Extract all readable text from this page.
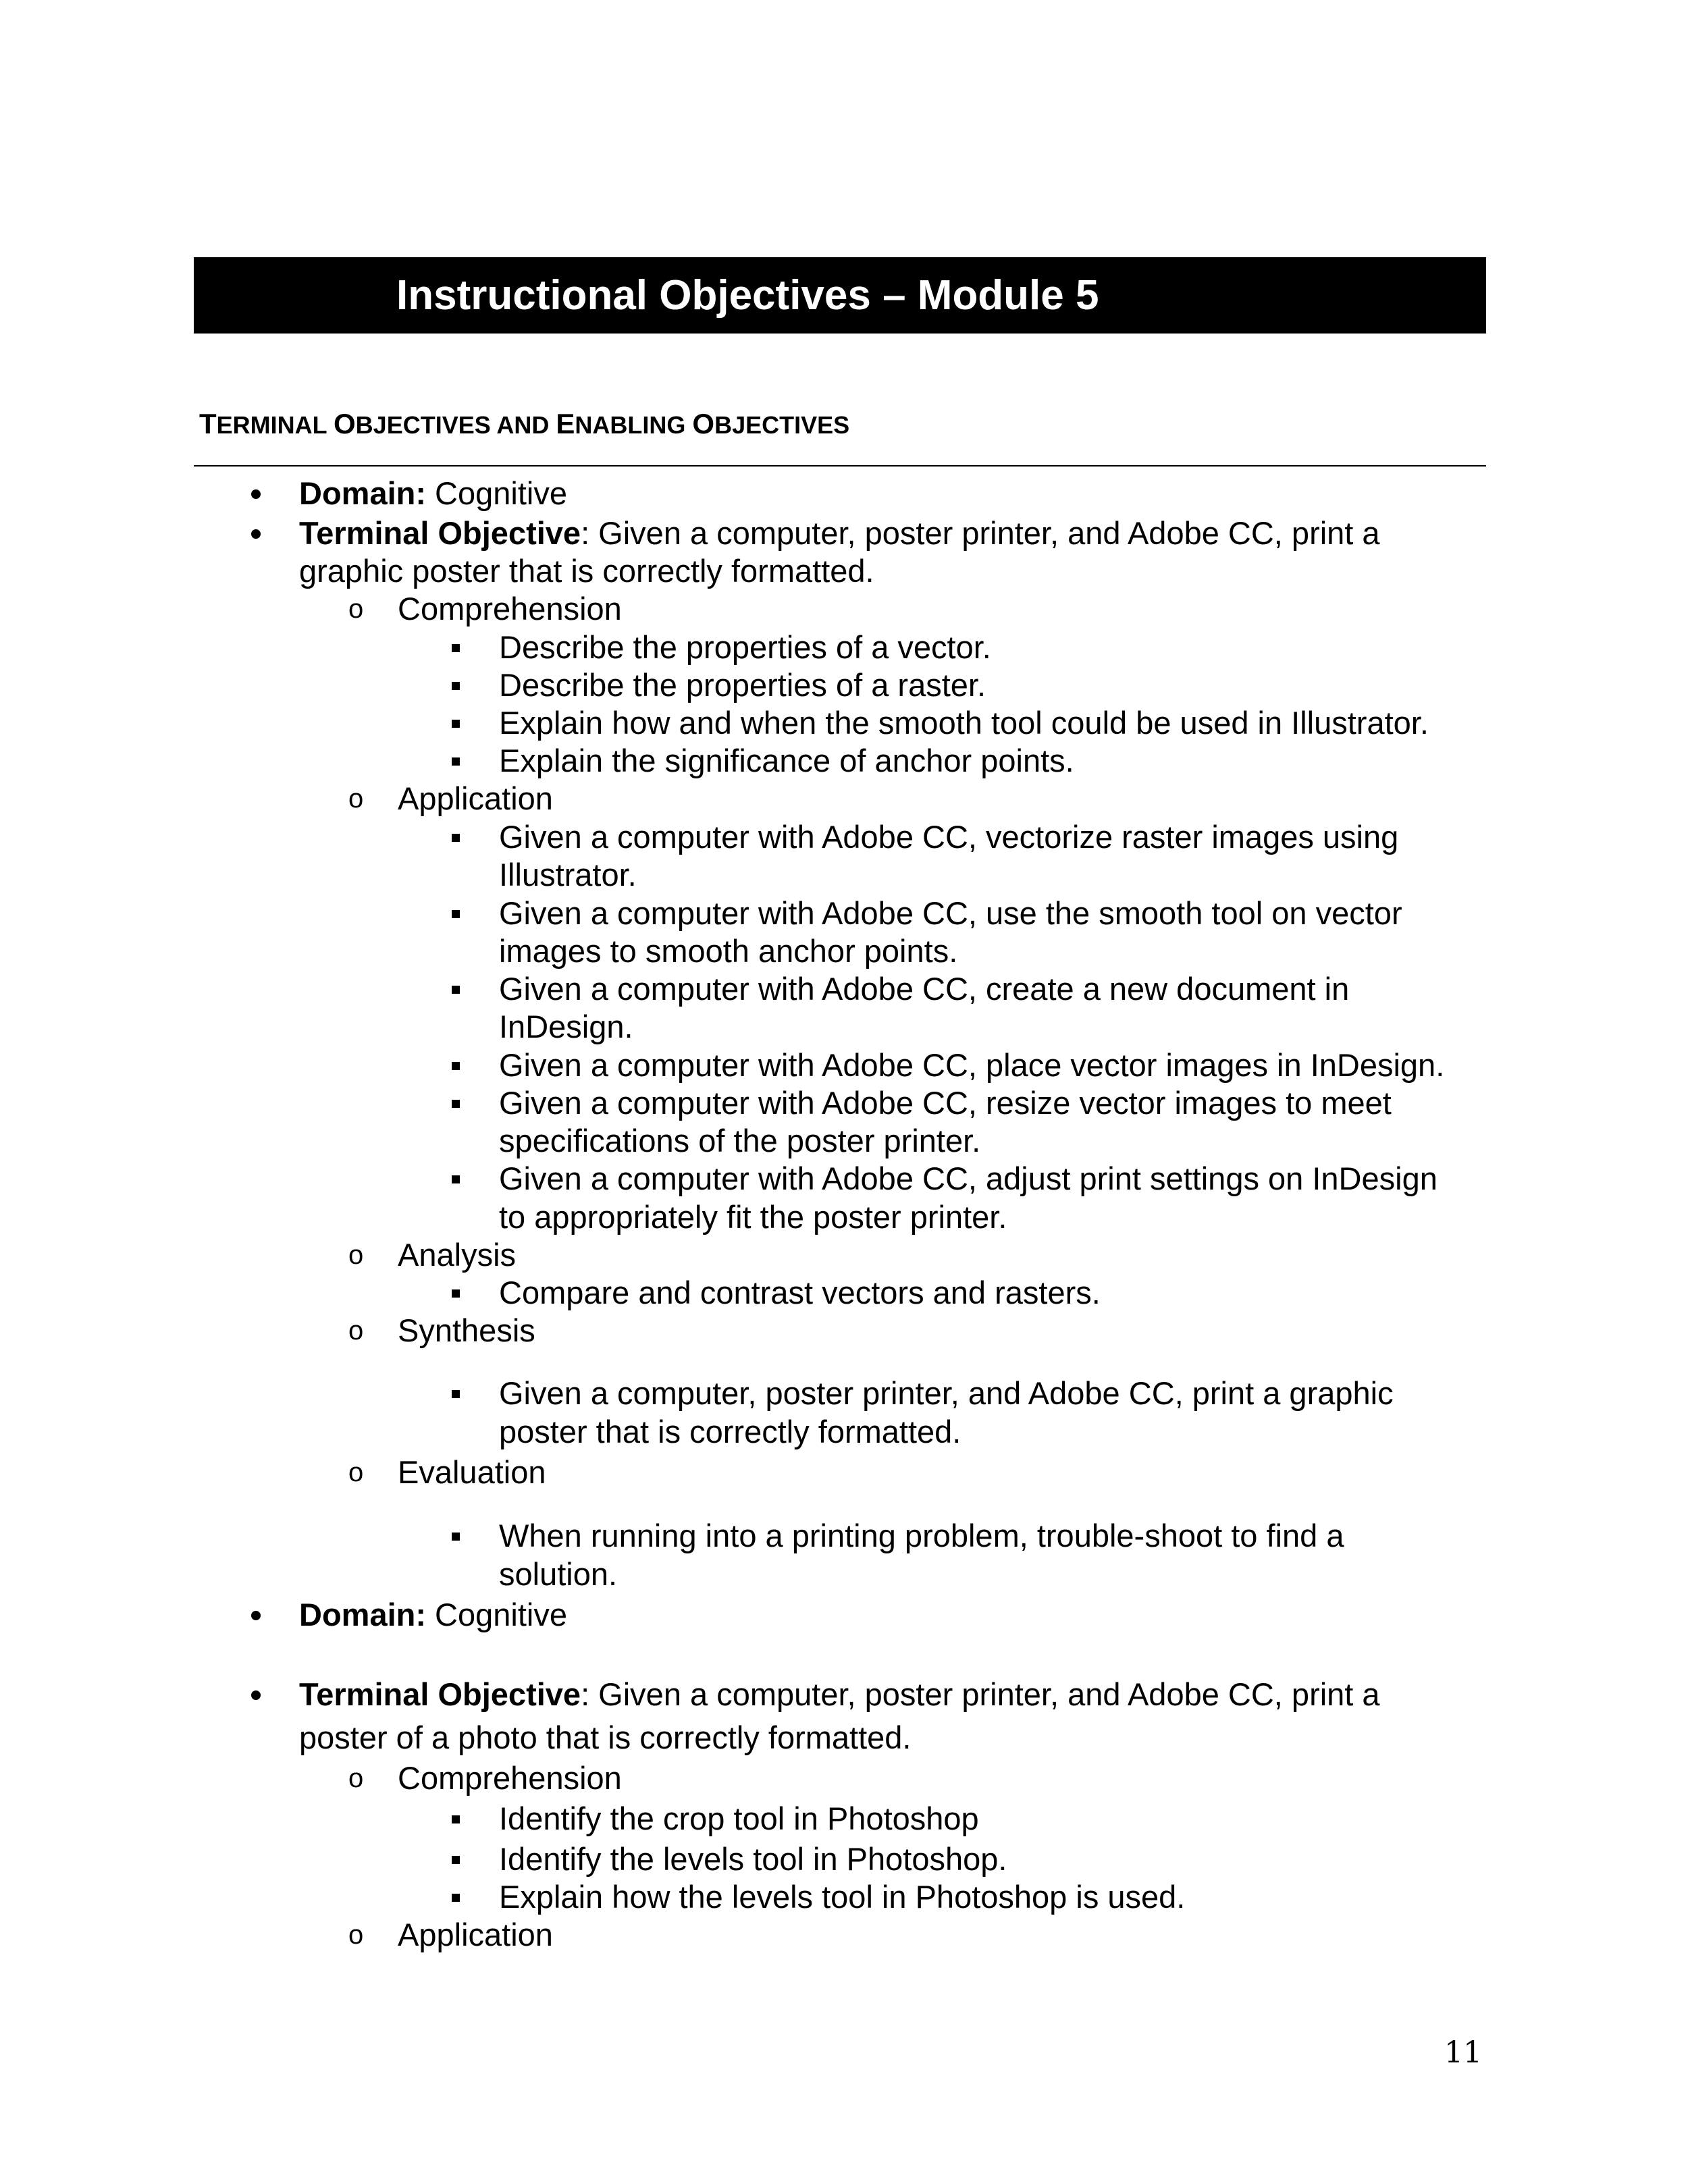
Instructional Objectives – Module 5
TERMINAL OBJECTIVES AND ENABLING OBJECTIVES
Domain: Cognitive
Terminal Objective: Given a computer, poster printer, and Adobe CC, print a
graphic poster that is correctly formatted.
o Comprehension
Describe the properties of a vector.
Describe the properties of a raster.
Explain how and when the smooth tool could be used in Illustrator.
Explain the significance of anchor points.
o Application
Given a computer with Adobe CC, vectorize raster images using
Illustrator.
Given a computer with Adobe CC, use the smooth tool on vector
images to smooth anchor points.
Given a computer with Adobe CC, create a new document in
InDesign.
Given a computer with Adobe CC, place vector images in InDesign.
Given a computer with Adobe CC, resize vector images to meet
specifications of the poster printer.
Given a computer with Adobe CC, adjust print settings on InDesign
to appropriately fit the poster printer.
o Analysis
Compare and contrast vectors and rasters.
o Synthesis
Given a computer, poster printer, and Adobe CC, print a graphic
poster that is correctly formatted.
o Evaluation
When running into a printing problem, trouble-shoot to find a
solution.
Domain: Cognitive
Terminal Objective: Given a computer, poster printer, and Adobe CC, print a
poster of a photo that is correctly formatted.
o Comprehension
Identify the crop tool in Photoshop
Identify the levels tool in Photoshop.
Explain how the levels tool in Photoshop is used.
o Application
11
